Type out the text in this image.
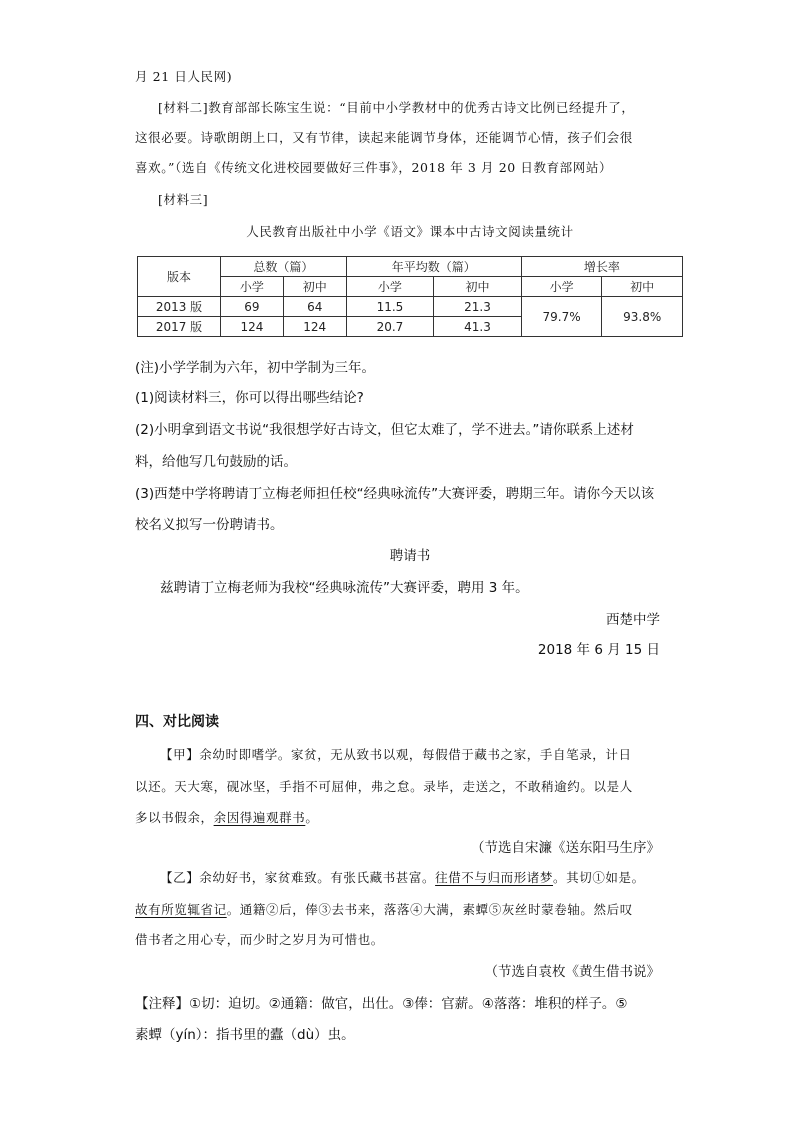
月 21 日人民网)
[材料二]教育部部长陈宝生说：“目前中小学教材中的优秀古诗文比例已经提升了，
这很必要。诗歌朗朗上口，又有节律，读起来能调节身体，还能调节心情，孩子们会很
喜欢。”（选自《传统文化进校园要做好三件事》，2018 年 3 月 20 日教育部网站）
[材料三]
人民教育出版社中小学《语文》课本中古诗文阅读量统计
版本	总数（篇）		年平均数（篇）		增长率	
	小学	初中	小学	初中	小学	初中
2013 版	69	64	11.5	21.3	79.7%	93.8%
2017 版	124	124	20.7	41.3		
(注)小学学制为六年，初中学制为三年。
(1)阅读材料三，你可以得出哪些结论?
(2)小明拿到语文书说“我很想学好古诗文，但它太难了，学不进去。”请你联系上述材
料，给他写几句鼓励的话。
(3)西楚中学将聘请丁立梅老师担任校“经典咏流传”大赛评委，聘期三年。请你今天以该
校名义拟写一份聘请书。
聘请书
兹聘请丁立梅老师为我校“经典咏流传”大赛评委，聘用 3 年。
西楚中学
2018 年 6 月 15 日
四、对比阅读
【甲】余幼时即嗜学。家贫，无从致书以观，每假借于藏书之家，手自笔录，计日
以还。天大寒，砚冰坚，手指不可屈伸，弗之怠。录毕，走送之，不敢稍逾约。以是人
多以书假余，余因得遍观群书。
（节选自宋濂《送东阳马生序》
【乙】余幼好书，家贫难致。有张氏藏书甚富。往借不与归而形诸梦。其切①如是。
故有所览辄省记。通籍②后，俸③去书来，落落④大满，素蟫⑤灰丝时蒙卷轴。然后叹
借书者之用心专，而少时之岁月为可惜也。
（节选自袁枚《黄生借书说》
【注释】①切：迫切。②通籍：做官，出仕。③俸：官薪。④落落：堆积的样子。⑤
素蟫（yín）：指书里的蠹（dù）虫。
